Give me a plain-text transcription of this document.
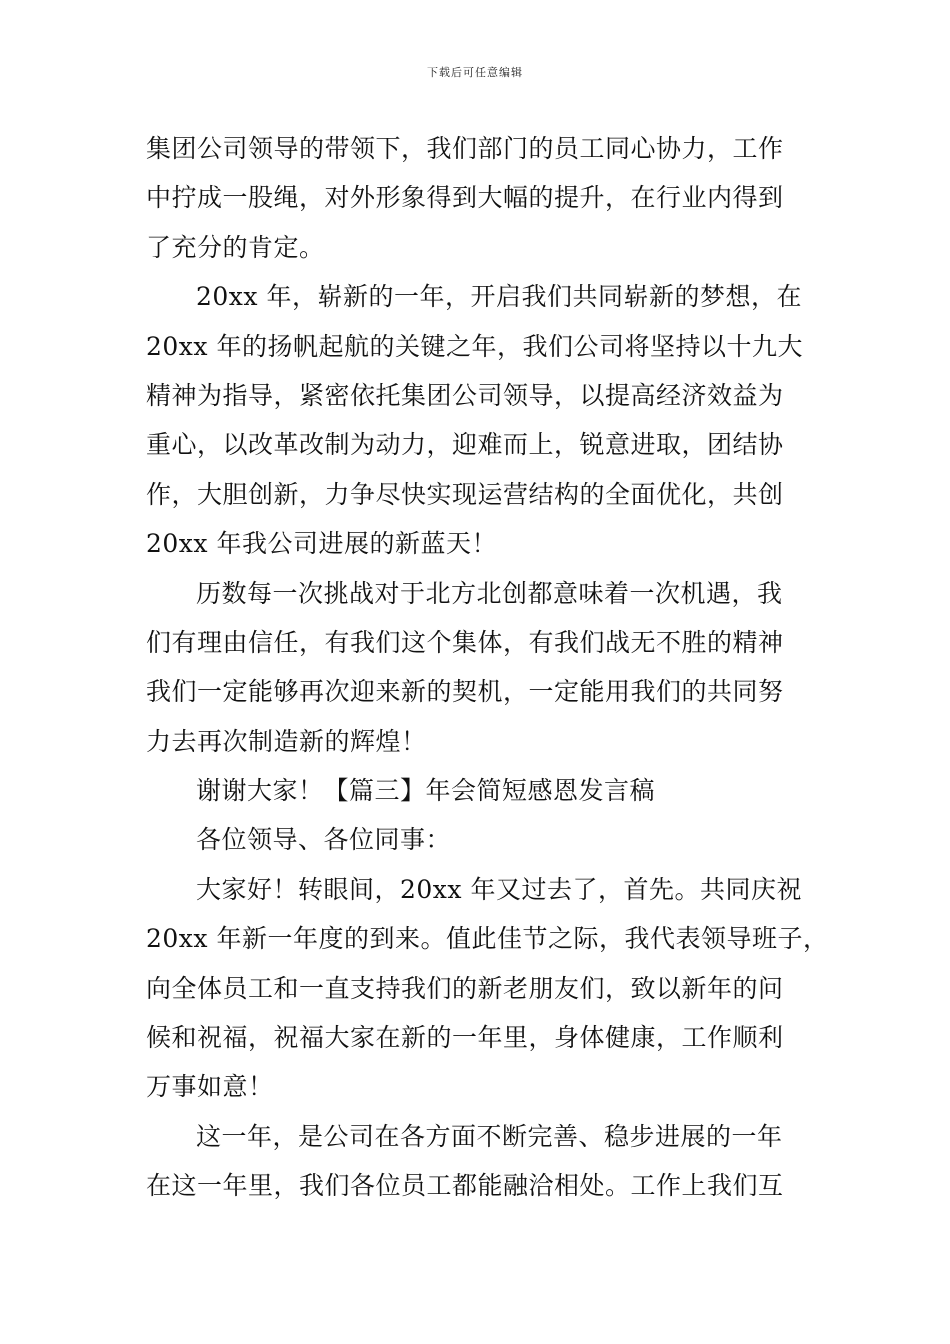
下载后可任意编辑
集团公司领导的带领下，我们部门的员工同心协力，工作
中拧成一股绳，对外形象得到大幅的提升，在行业内得到
了充分的肯定。
20xx 年，崭新的一年，开启我们共同崭新的梦想，在
20xx 年的扬帆起航的关键之年，我们公司将坚持以十九大
精神为指导，紧密依托集团公司领导，以提高经济效益为
重心，以改革改制为动力，迎难而上，锐意进取，团结协
作，大胆创新，力争尽快实现运营结构的全面优化，共创
20xx 年我公司进展的新蓝天！
历数每一次挑战对于北方北创都意味着一次机遇，我
们有理由信任，有我们这个集体，有我们战无不胜的精神
我们一定能够再次迎来新的契机，一定能用我们的共同努
力去再次制造新的辉煌！
谢谢大家！【篇三】年会简短感恩发言稿
各位领导、各位同事：
大家好！转眼间，20xx 年又过去了，首先。共同庆祝
20xx 年新一年度的到来。值此佳节之际，我代表领导班子，
向全体员工和一直支持我们的新老朋友们，致以新年的问
候和祝福，祝福大家在新的一年里，身体健康，工作顺利
万事如意！
这一年，是公司在各方面不断完善、稳步进展的一年
在这一年里，我们各位员工都能融洽相处。工作上我们互
